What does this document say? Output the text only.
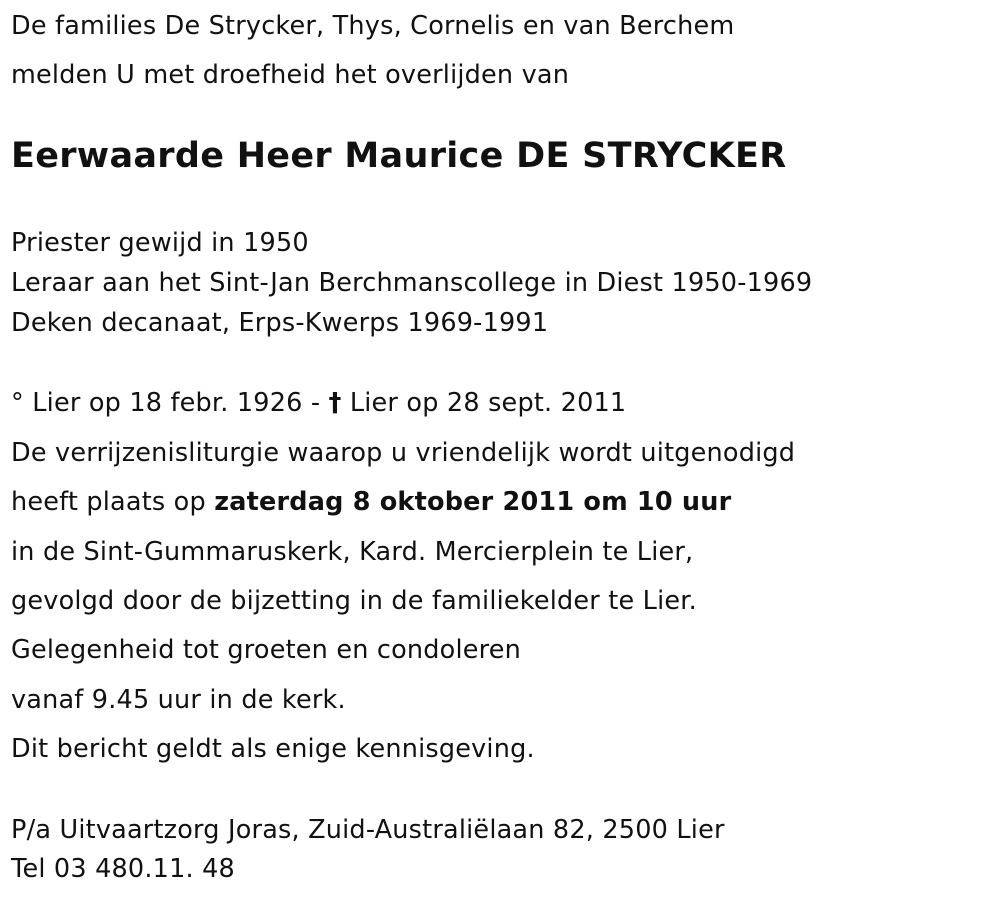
De families De Strycker, Thys, Cornelis en van Berchem
melden U met droefheid het overlijden van
Eerwaarde Heer Maurice DE STRYCKER
Priester gewijd in 1950
Leraar aan het Sint-Jan Berchmanscollege in Diest 1950-1969
Deken decanaat, Erps-Kwerps 1969-1991
° Lier op 18 febr. 1926 - † Lier op 28 sept. 2011
De verrijzenisliturgie waarop u vriendelijk wordt uitgenodigd
heeft plaats op zaterdag 8 oktober 2011 om 10 uur
in de Sint-Gummaruskerk, Kard. Mercierplein te Lier,
gevolgd door de bijzetting in de familiekelder te Lier.
Gelegenheid tot groeten en condoleren
vanaf 9.45 uur in de kerk.
Dit bericht geldt als enige kennisgeving.
P/a Uitvaartzorg Joras, Zuid-Australiëlaan 82, 2500 Lier
Tel 03 480.11. 48
